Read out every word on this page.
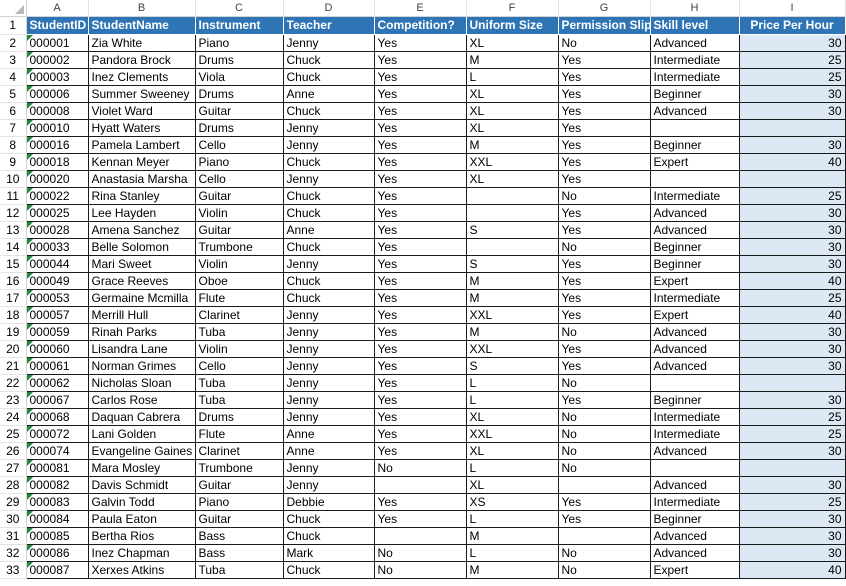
	A	B	C	D	E	F	G	H	I
1	StudentID	StudentName	Instrument	Teacher	Competition?	Uniform Size	Permission Slip	Skill level	Price Per Hour
2	000001	Zia White	Piano	Jenny	Yes	XL	No	Advanced	30
3	000002	Pandora Brock	Drums	Chuck	Yes	M	Yes	Intermediate	25
4	000003	Inez Clements	Viola	Chuck	Yes	L	Yes	Intermediate	25
5	000006	Summer Sweeney	Drums	Anne	Yes	XL	Yes	Beginner	30
6	000008	Violet Ward	Guitar	Chuck	Yes	XL	Yes	Advanced	30
7	000010	Hyatt Waters	Drums	Jenny	Yes	XL	Yes		
8	000016	Pamela Lambert	Cello	Jenny	Yes	M	Yes	Beginner	30
9	000018	Kennan Meyer	Piano	Chuck	Yes	XXL	Yes	Expert	40
10	000020	Anastasia Marsha	Cello	Jenny	Yes	XL	Yes		
11	000022	Rina Stanley	Guitar	Chuck	Yes		No	Intermediate	25
12	000025	Lee Hayden	Violin	Chuck	Yes		Yes	Advanced	30
13	000028	Amena Sanchez	Guitar	Anne	Yes	S	Yes	Advanced	30
14	000033	Belle Solomon	Trumbone	Chuck	Yes		No	Beginner	30
15	000044	Mari Sweet	Violin	Jenny	Yes	S	Yes	Beginner	30
16	000049	Grace Reeves	Oboe	Chuck	Yes	M	Yes	Expert	40
17	000053	Germaine Mcmilla	Flute	Chuck	Yes	M	Yes	Intermediate	25
18	000057	Merrill Hull	Clarinet	Jenny	Yes	XXL	Yes	Expert	40
19	000059	Rinah Parks	Tuba	Jenny	Yes	M	No	Advanced	30
20	000060	Lisandra Lane	Violin	Jenny	Yes	XXL	Yes	Advanced	30
21	000061	Norman Grimes	Cello	Jenny	Yes	S	Yes	Advanced	30
22	000062	Nicholas Sloan	Tuba	Jenny	Yes	L	No		
23	000067	Carlos Rose	Tuba	Jenny	Yes	L	Yes	Beginner	30
24	000068	Daquan Cabrera	Drums	Jenny	Yes	XL	No	Intermediate	25
25	000072	Lani Golden	Flute	Anne	Yes	XXL	No	Intermediate	25
26	000074	Evangeline Gaines	Clarinet	Anne	Yes	XL	No	Advanced	30
27	000081	Mara Mosley	Trumbone	Jenny	No	L	No		
28	000082	Davis Schmidt	Guitar	Jenny		XL		Advanced	30
29	000083	Galvin Todd	Piano	Debbie	Yes	XS	Yes	Intermediate	25
30	000084	Paula Eaton	Guitar	Chuck	Yes	L	Yes	Beginner	30
31	000085	Bertha Rios	Bass	Chuck		M		Advanced	30
32	000086	Inez Chapman	Bass	Mark	No	L	No	Advanced	30
33	000087	Xerxes Atkins	Tuba	Chuck	No	M	No	Expert	40
